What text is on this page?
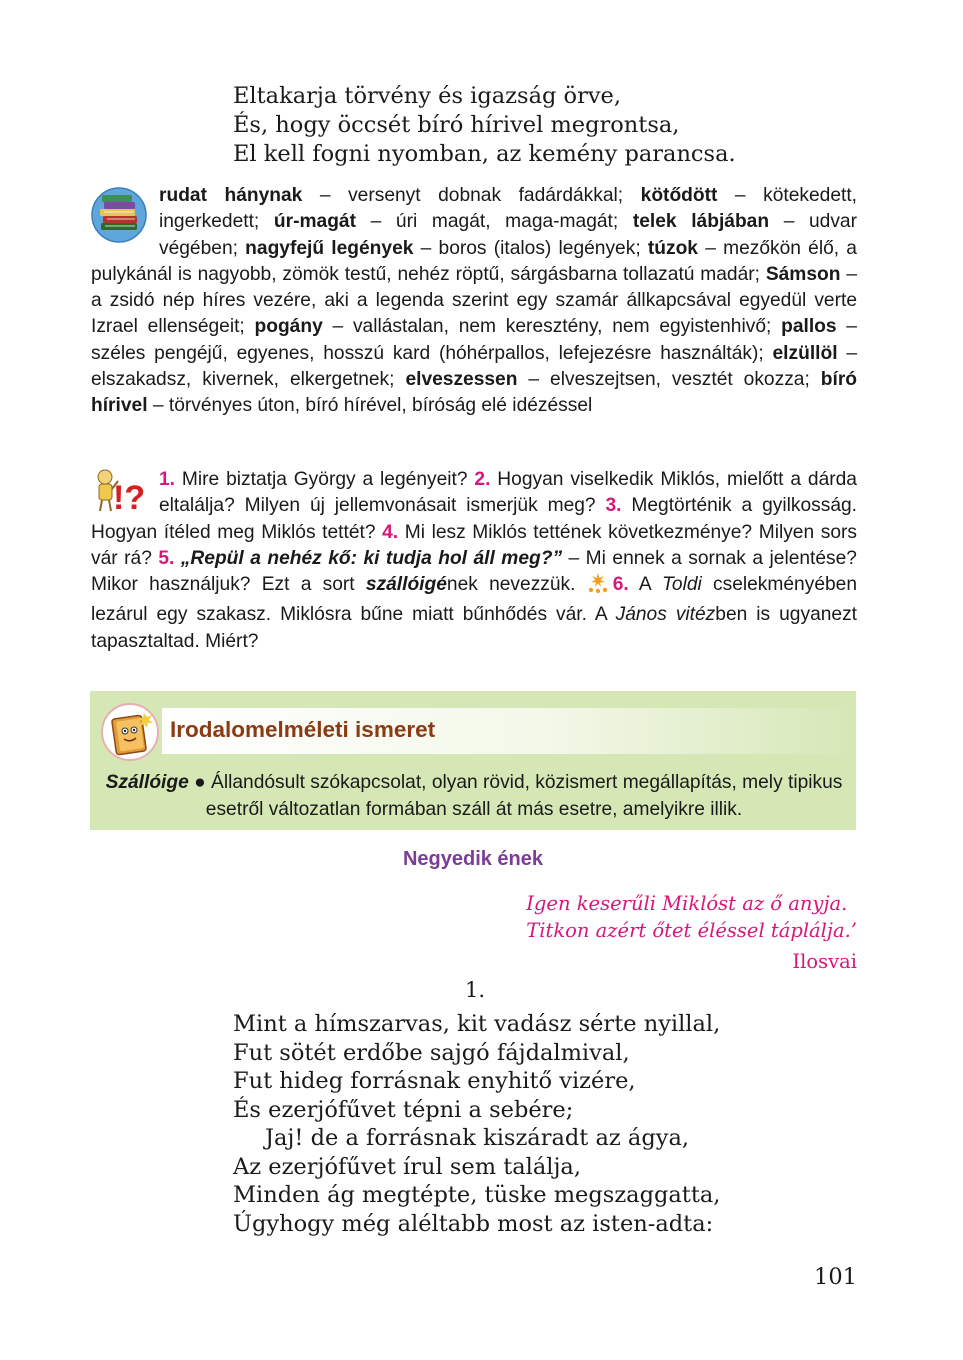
Eltakarja törvény és igazság örve,
És, hogy öccsét bíró hírivel megrontsa,
El kell fogni nyomban, az kemény parancsa.
rudat hánynak – versenyt dobnak fadárdákkal; kötődött – kötekedett, ingerkedett; úr-magát – úri magát, maga-magát; telek lábjában – udvar végében; nagyfejű legények – boros (italos) legények; túzok – mezőkön élő, a pulykánál is nagyobb, zömök testű, nehéz röptű, sárgásbarna tollazatú madár; Sámson – a zsidó nép híres vezére, aki a legenda szerint egy szamár állkapcsával egyedül verte Izrael ellenségeit; pogány – vallástalan, nem keresztény, nem egyistenhivő; pallos – széles pengéjű, egyenes, hosszú kard (hóhérpallos, lefejezésre használták); elzüllöl – elszakadsz, kivernek, elkergetnek; elveszessen – elveszejtsen, vesztét okozza; bíró hírivel – törvényes úton, bíró hírével, bíróság elé idézéssel
!? 1. Mire biztatja György a legényeit? 2. Hogyan viselkedik Miklós, mielőtt a dárda eltalálja? Milyen új jellemvonásait ismerjük meg? 3. Megtörténik a gyilkosság. Hogyan ítéled meg Miklós tettét? 4. Mi lesz Miklós tettének következménye? Milyen sors vár rá? 5. „Repül a nehéz kő: ki tudja hol áll meg?” – Mi ennek a sornak a jelentése? Mikor használjuk? Ezt a sort szállóigének nevezzük. 6. A Toldi cselekményében lezárul egy szakasz. Miklósra bűne miatt bűnhődés vár. A János vitézben is ugyanezt tapasztaltad. Miért?
Irodalomelméleti ismeret
Szállóige ● Állandósult szókapcsolat, olyan rövid, közismert megállapítás, mely tipikus esetről változatlan formában száll át más esetre, amelyikre illik.
Negyedik ének
Igen keserűli Miklóst az ő anyja.
Titkon azért őtet éléssel táplálja.’
Ilosvai
1.
Mint a hímszarvas, kit vadász sérte nyillal,
Fut sötét erdőbe sajgó fájdalmival,
Fut hideg forrásnak enyhitő vizére,
És ezerjófűvet tépni a sebére;
Jaj! de a forrásnak kiszáradt az ágya,
Az ezerjófűvet írul sem találja,
Minden ág megtépte, tüske megszaggatta,
Úgyhogy még aléltabb most az isten-adta:
101
